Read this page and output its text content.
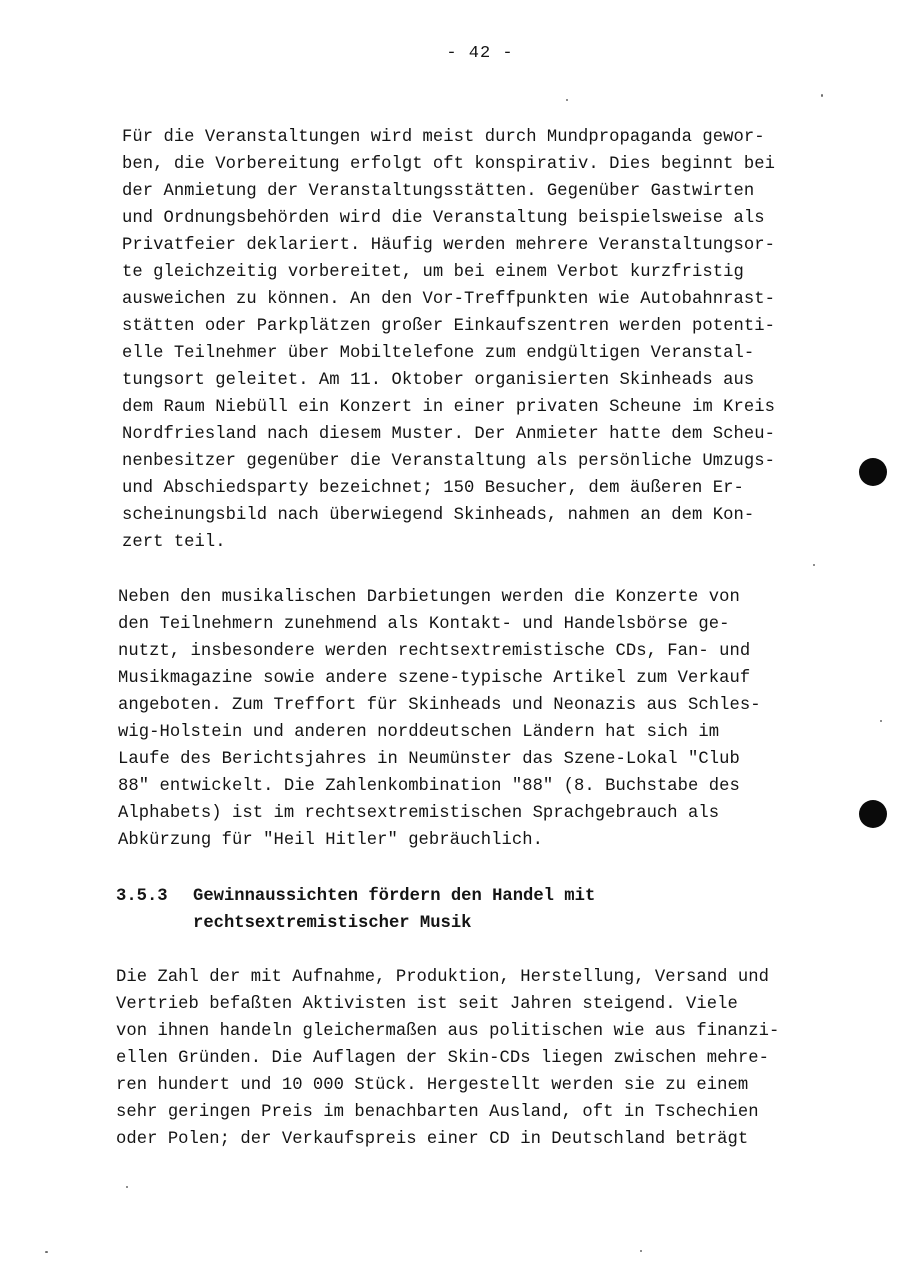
- 42 -
Für die Veranstaltungen wird meist durch Mundpropaganda gewor-
ben, die Vorbereitung erfolgt oft konspirativ. Dies beginnt bei
der Anmietung der Veranstaltungsstätten. Gegenüber Gastwirten
und Ordnungsbehörden wird die Veranstaltung beispielsweise als
Privatfeier deklariert. Häufig werden mehrere Veranstaltungsor-
te gleichzeitig vorbereitet, um bei einem Verbot kurzfristig
ausweichen zu können. An den Vor-Treffpunkten wie Autobahnrast-
stätten oder Parkplätzen großer Einkaufszentren werden potenti-
elle Teilnehmer über Mobiltelefone zum endgültigen Veranstal-
tungsort geleitet. Am 11. Oktober organisierten Skinheads aus
dem Raum Niebüll ein Konzert in einer privaten Scheune im Kreis
Nordfriesland nach diesem Muster. Der Anmieter hatte dem Scheu-
nenbesitzer gegenüber die Veranstaltung als persönliche Umzugs-
und Abschiedsparty bezeichnet; 150 Besucher, dem äußeren Er-
scheinungsbild nach überwiegend Skinheads, nahmen an dem Kon-
zert teil.
Neben den musikalischen Darbietungen werden die Konzerte von
den Teilnehmern zunehmend als Kontakt- und Handelsbörse ge-
nutzt, insbesondere werden rechtsextremistische CDs, Fan- und
Musikmagazine sowie andere szene-typische Artikel zum Verkauf
angeboten. Zum Treffort für Skinheads und Neonazis aus Schles-
wig-Holstein und anderen norddeutschen Ländern hat sich im
Laufe des Berichtsjahres in Neumünster das Szene-Lokal "Club
88" entwickelt. Die Zahlenkombination "88" (8. Buchstabe des
Alphabets) ist im rechtsextremistischen Sprachgebrauch als
Abkürzung für "Heil Hitler" gebräuchlich.
3.5.3 Gewinnaussichten fördern den Handel mit
rechtsextremistischer Musik
Die Zahl der mit Aufnahme, Produktion, Herstellung, Versand und
Vertrieb befaßten Aktivisten ist seit Jahren steigend. Viele
von ihnen handeln gleichermaßen aus politischen wie aus finanzi-
ellen Gründen. Die Auflagen der Skin-CDs liegen zwischen mehre-
ren hundert und 10 000 Stück. Hergestellt werden sie zu einem
sehr geringen Preis im benachbarten Ausland, oft in Tschechien
oder Polen; der Verkaufspreis einer CD in Deutschland beträgt
